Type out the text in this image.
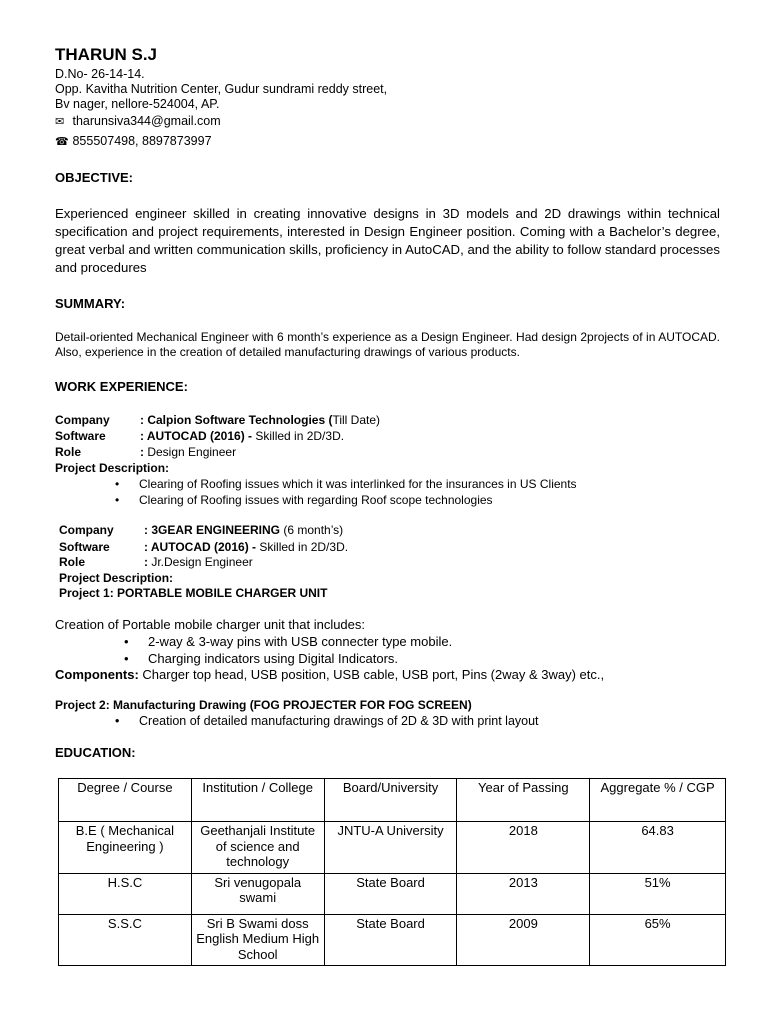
THARUN S.J
D.No- 26-14-14.
Opp. Kavitha Nutrition Center, Gudur sundrami reddy street,
Bv nager, nellore-524004, AP.
✉ tharunsiva344@gmail.com
☎ 855507498, 8897873997
OBJECTIVE:
Experienced engineer skilled in creating innovative designs in 3D models and 2D drawings within technical specification and project requirements, interested in Design Engineer position. Coming with a Bachelor’s degree, great verbal and written communication skills, proficiency in AutoCAD, and the ability to follow standard processes and procedures
SUMMARY:
Detail-oriented Mechanical Engineer with 6 month’s experience as a Design Engineer. Had design 2projects of in AUTOCAD. Also, experience in the creation of detailed manufacturing drawings of various products.
WORK EXPERIENCE:
Company	: Calpion Software Technologies (Till Date)
Software	: AUTOCAD (2016) - Skilled in 2D/3D.
Role	: Design Engineer
Project Description:
• Clearing of Roofing issues which it was interlinked for the insurances in US Clients
• Clearing of Roofing issues with regarding Roof scope technologies
Company	: 3GEAR ENGINEERING (6 month’s)
Software	: AUTOCAD (2016) - Skilled in 2D/3D.
Role	: Jr.Design Engineer
Project Description:
Project 1: PORTABLE MOBILE CHARGER UNIT
Creation of Portable mobile charger unit that includes:
• 2-way & 3-way pins with USB connecter type mobile.
• Charging indicators using Digital Indicators.
Components: Charger top head, USB position, USB cable, USB port, Pins (2way & 3way) etc.,
Project 2: Manufacturing Drawing (FOG PROJECTER FOR FOG SCREEN)
• Creation of detailed manufacturing drawings of 2D & 3D with print layout
EDUCATION:
Degree / Course	Institution / College	Board/University	Year of Passing	Aggregate % / CGP
B.E ( Mechanical Engineering )	Geethanjali Institute of science and technology	JNTU-A University	2018	64.83
H.S.C	Sri venugopala swami	State Board	2013	51%
S.S.C	Sri B Swami doss English Medium High School	State Board	2009	65%
